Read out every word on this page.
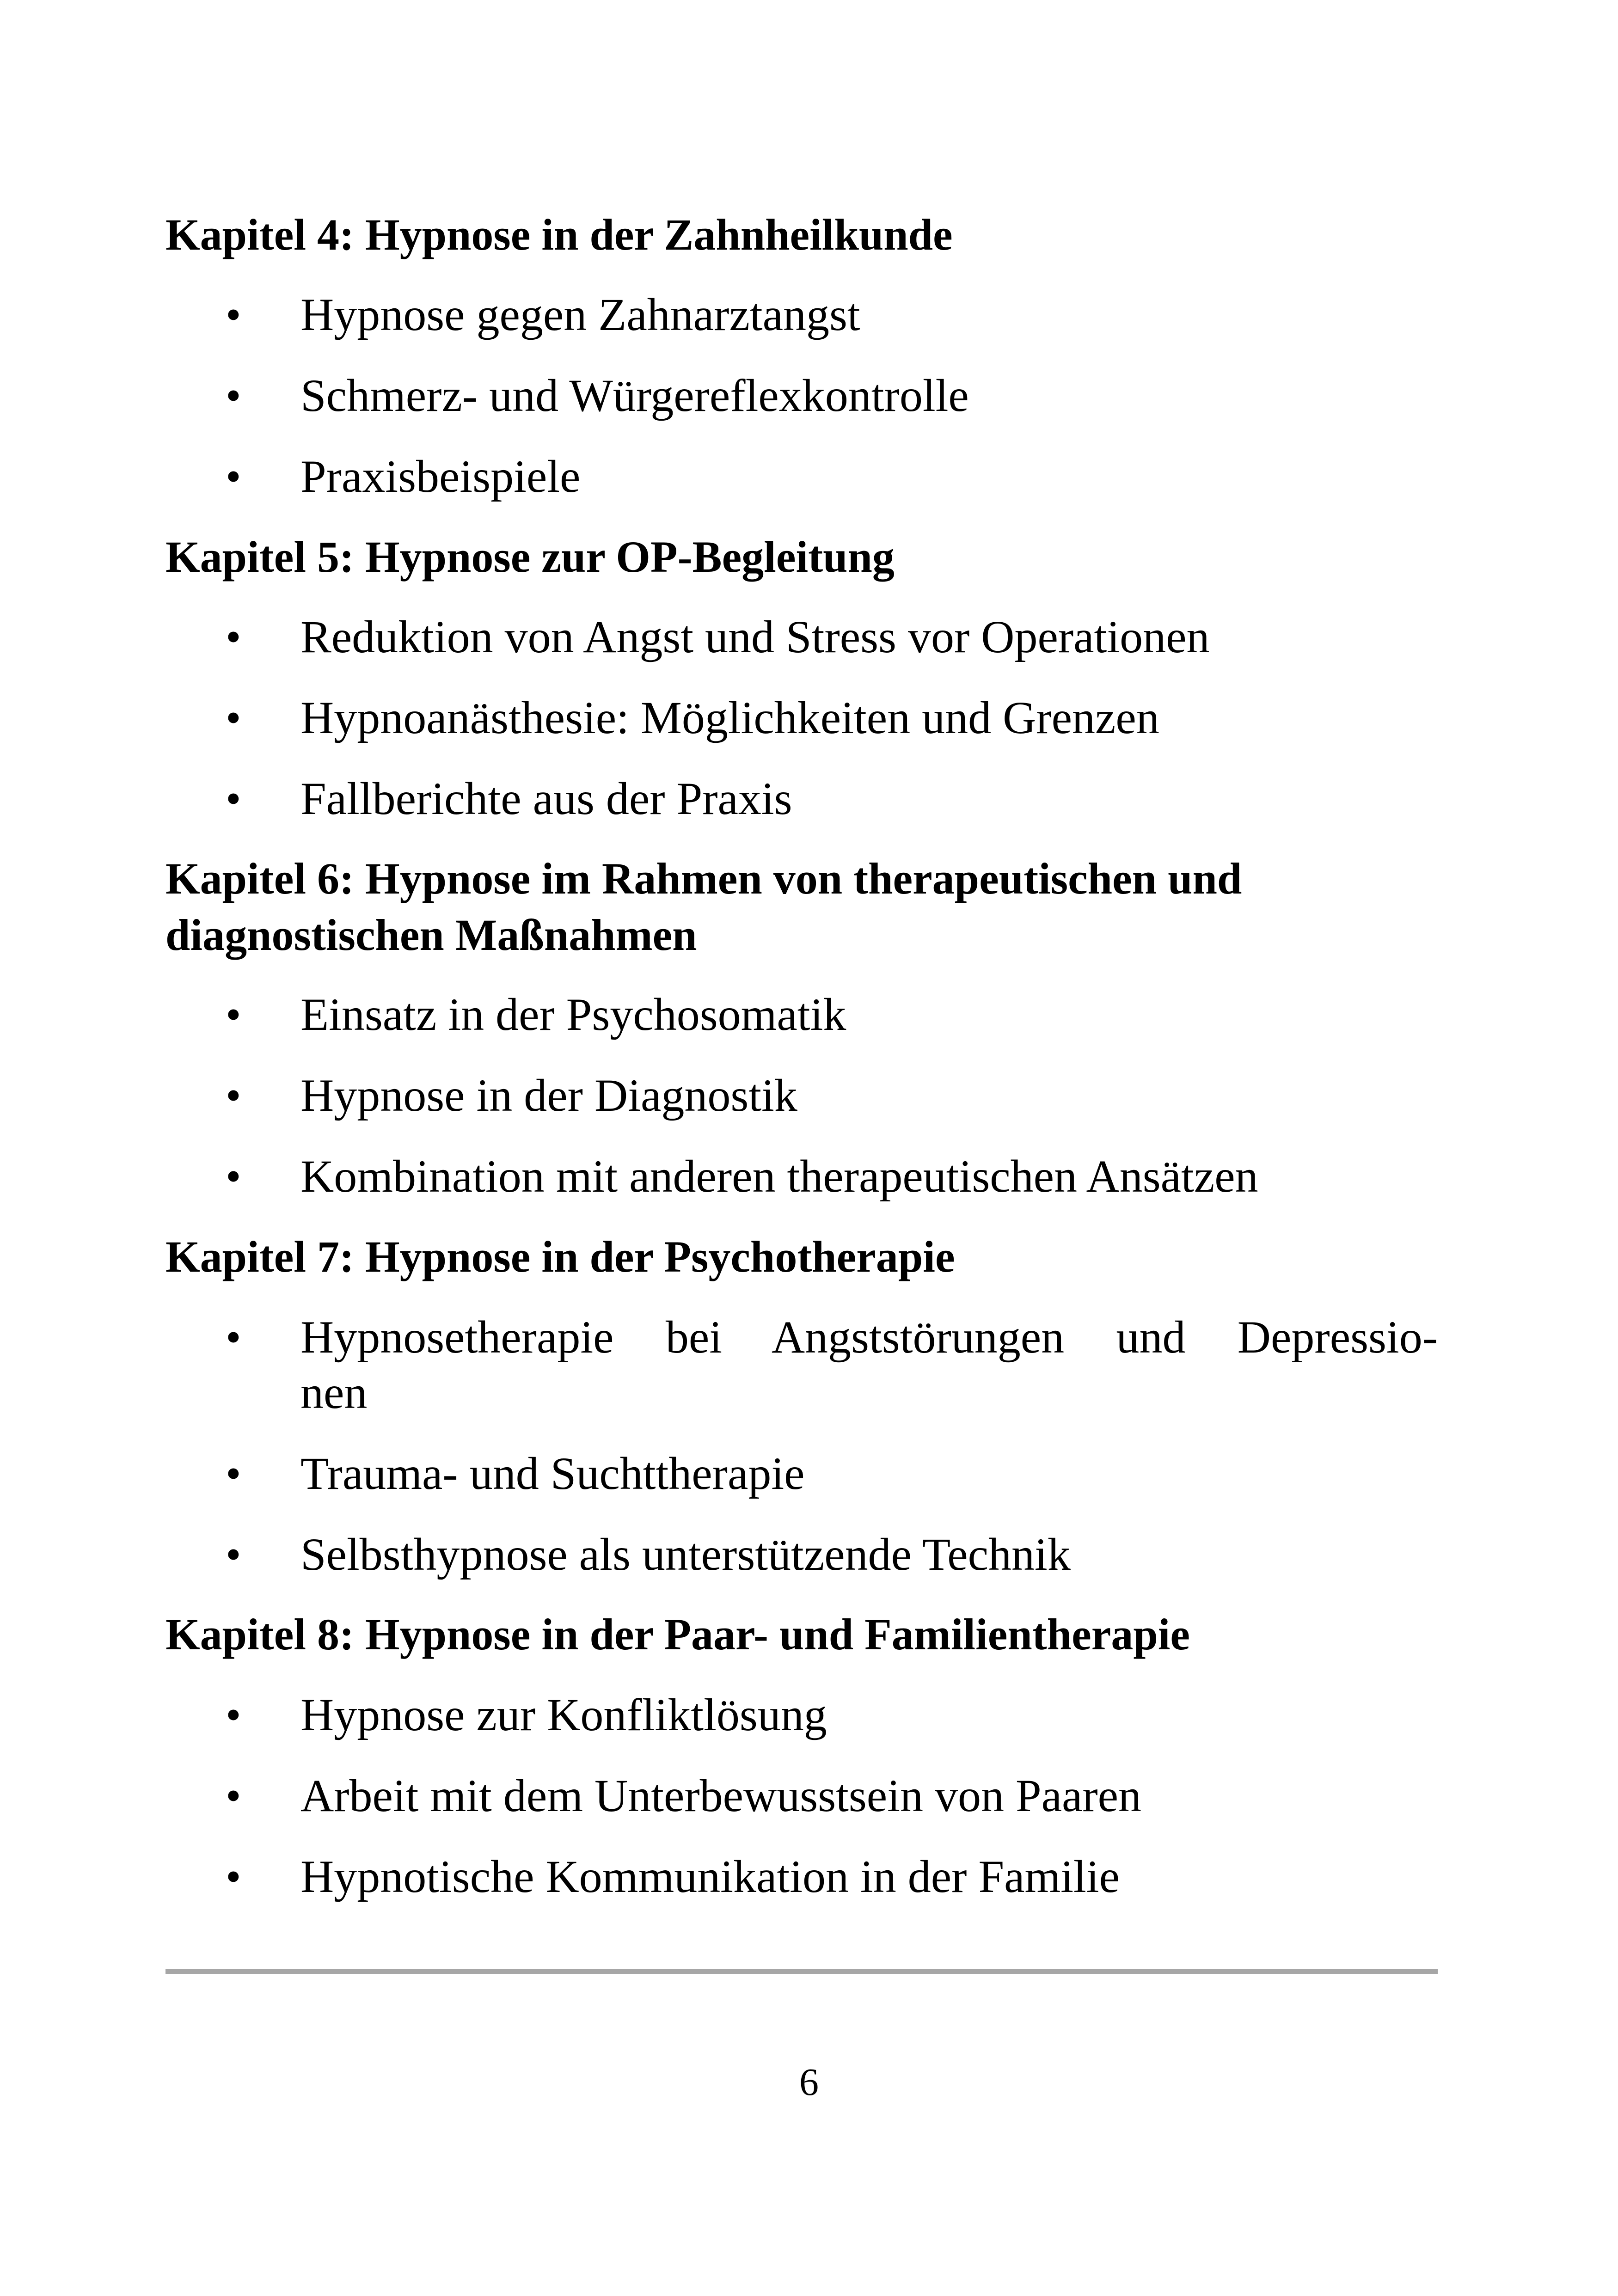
Kapitel 4: Hypnose in der Zahnheilkunde

• Hypnose gegen Zahnarztangst

• Schmerz- und Würgereflexkontrolle

• Praxisbeispiele

Kapitel 5: Hypnose zur OP-Begleitung

• Reduktion von Angst und Stress vor Operationen

• Hypnoanästhesie: Möglichkeiten und Grenzen

• Fallberichte aus der Praxis

Kapitel 6: Hypnose im Rahmen von therapeutischen und

diagnostischen Maßnahmen

• Einsatz in der Psychosomatik

• Hypnose in der Diagnostik

• Kombination mit anderen therapeutischen Ansätzen

Kapitel 7: Hypnose in der Psychotherapie

• Hypnosetherapie bei Angststörungen und Depressio-

nen

• Trauma- und Suchttherapie

• Selbsthypnose als unterstützende Technik

Kapitel 8: Hypnose in der Paar- und Familientherapie

• Hypnose zur Konfliktlösung

• Arbeit mit dem Unterbewusstsein von Paaren

• Hypnotische Kommunikation in der Familie

6
